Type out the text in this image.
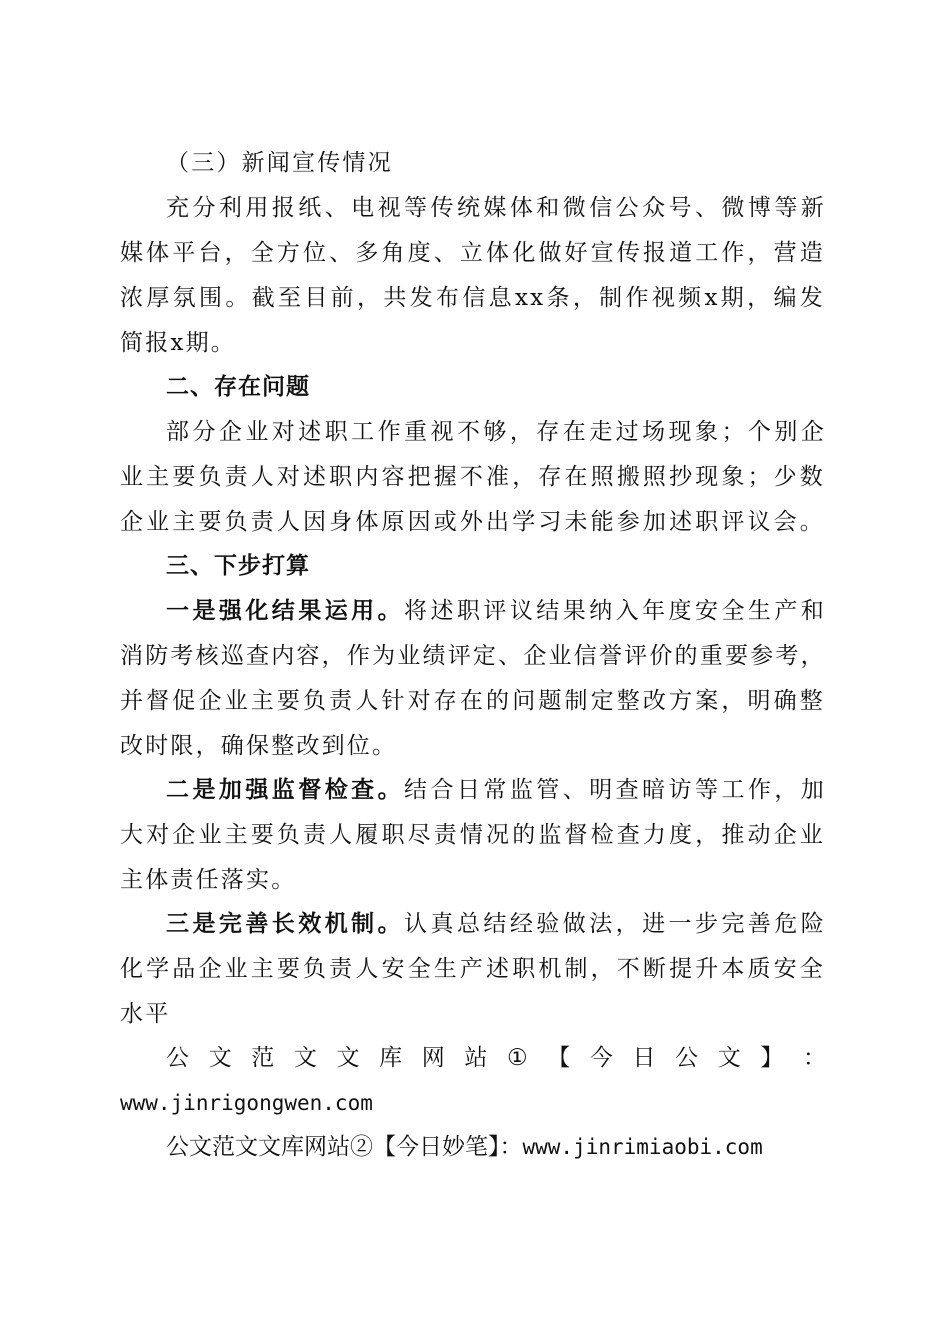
（三）新闻宣传情况
充分利用报纸、电视等传统媒体和微信公众号、微博等新
媒体平台，全方位、多角度、立体化做好宣传报道工作，营造
浓厚氛围。截至目前，共发布信息xx条，制作视频x期，编发
简报x期。
二、存在问题
部分企业对述职工作重视不够，存在走过场现象；个别企
业主要负责人对述职内容把握不准，存在照搬照抄现象；少数
企业主要负责人因身体原因或外出学习未能参加述职评议会。
三、下步打算
一是强化结果运用。将述职评议结果纳入年度安全生产和
消防考核巡查内容，作为业绩评定、企业信誉评价的重要参考，
并督促企业主要负责人针对存在的问题制定整改方案，明确整
改时限，确保整改到位。
二是加强监督检查。结合日常监管、明查暗访等工作，加
大对企业主要负责人履职尽责情况的监督检查力度，推动企业
主体责任落实。
三是完善长效机制。认真总结经验做法，进一步完善危险
化学品企业主要负责人安全生产述职机制，不断提升本质安全
水平
公 文 范 文 文 库 网 站 ① 【 今 日 公 文 】 ：
www.jinrigongwen.com
公文范文文库网站②【今日妙笔】：www.jinrimiaobi.com
